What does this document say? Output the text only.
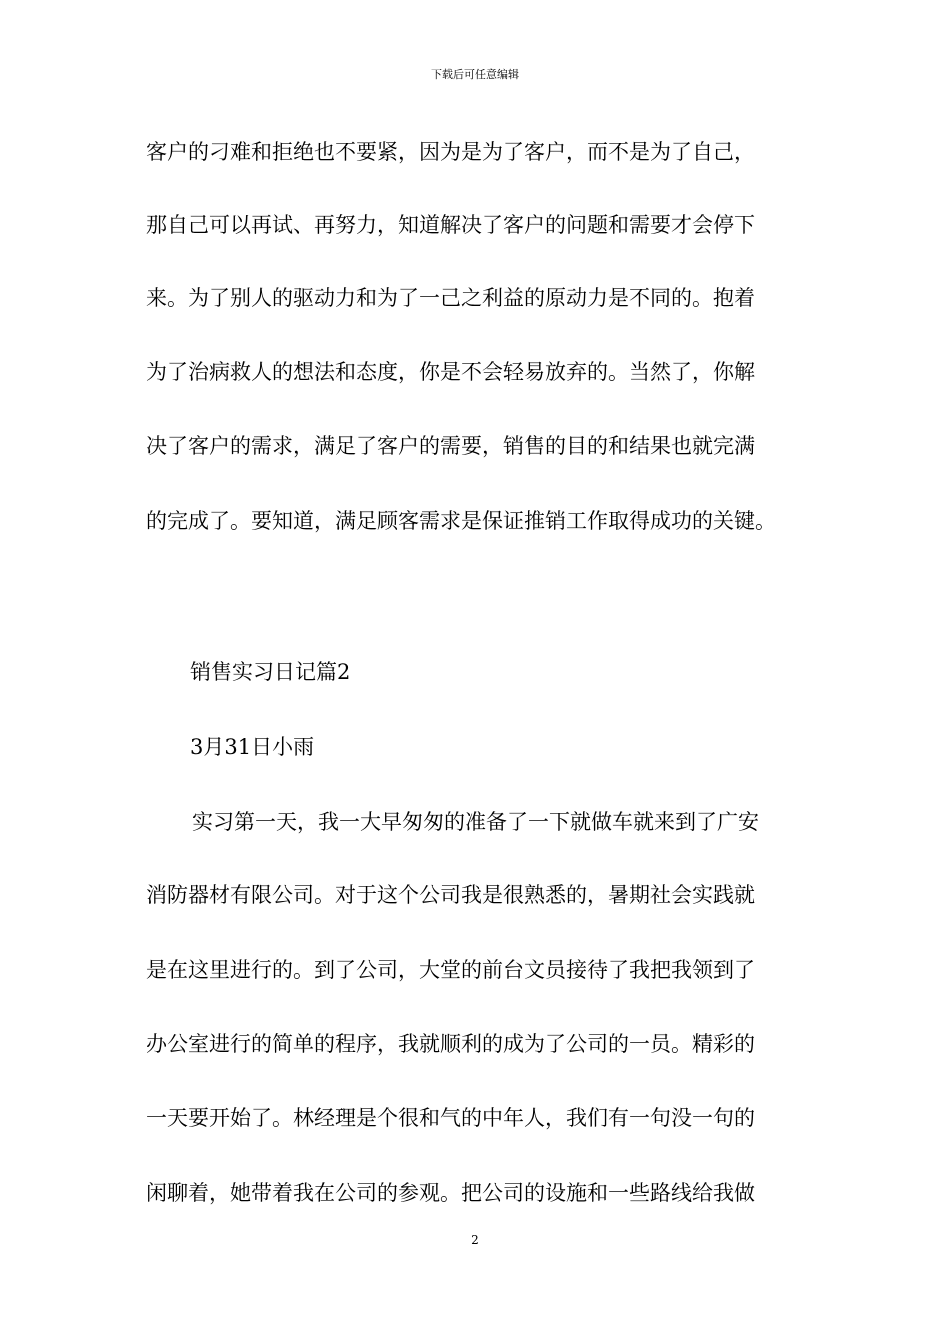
下载后可任意编辑
客户的刁难和拒绝也不要紧，因为是为了客户，而不是为了自己，
那自己可以再试、再努力，知道解决了客户的问题和需要才会停下
来。为了别人的驱动力和为了一己之利益的原动力是不同的。抱着
为了治病救人的想法和态度，你是不会轻易放弃的。当然了，你解
决了客户的需求，满足了客户的需要，销售的目的和结果也就完满
的完成了。要知道，满足顾客需求是保证推销工作取得成功的关键。
销售实习日记篇2
3月31日小雨
实习第一天，我一大早匆匆的准备了一下就做车就来到了广安
消防器材有限公司。对于这个公司我是很熟悉的，暑期社会实践就
是在这里进行的。到了公司，大堂的前台文员接待了我把我领到了
办公室进行的简单的程序，我就顺利的成为了公司的一员。精彩的
一天要开始了。林经理是个很和气的中年人，我们有一句没一句的
闲聊着，她带着我在公司的参观。把公司的设施和一些路线给我做
2
